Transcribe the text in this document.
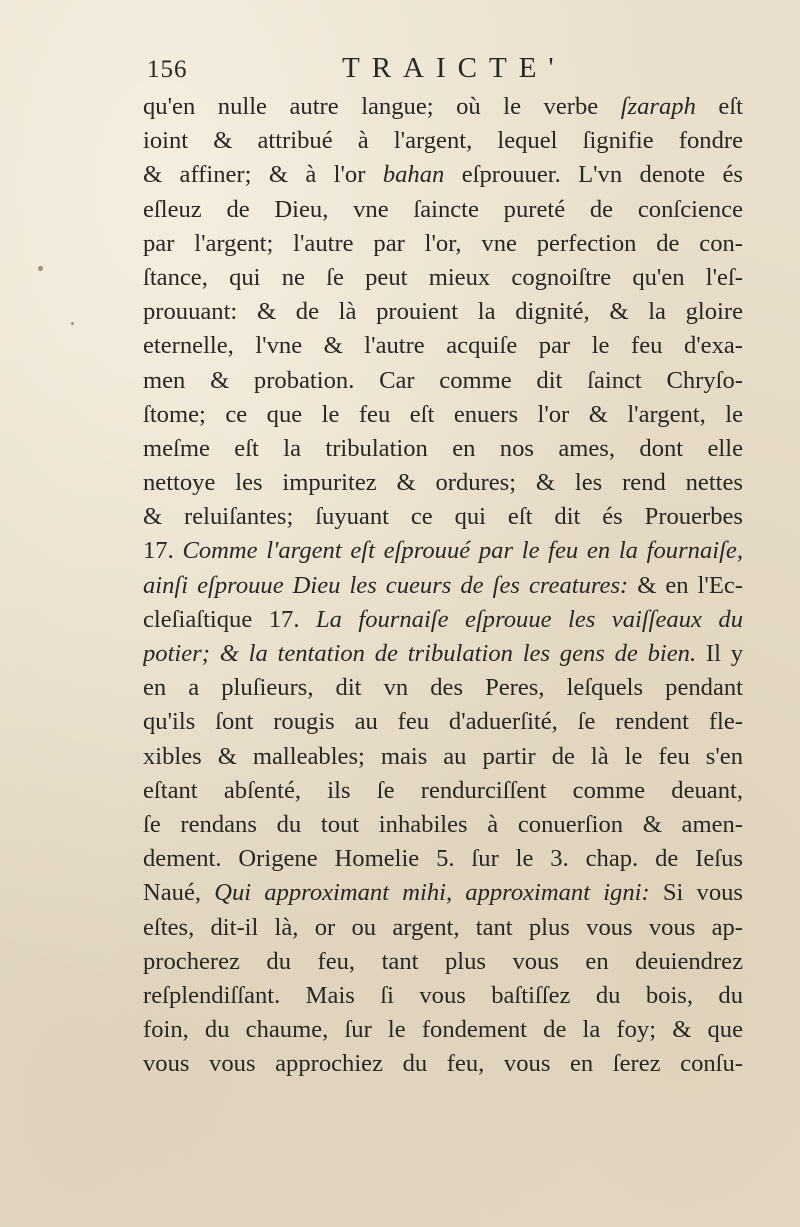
156	TRAICTE'
qu'en nulle autre langue; où le verbe ſzaraph eſt
ioint & attribué à l'argent, lequel ſignifie fondre
& affiner; & à l'or bahan eſprouuer. L'vn denote és
eſleuz de Dieu, vne ſaincte pureté de conſcience
par l'argent; l'autre par l'or, vne perfection de con-
ſtance, qui ne ſe peut mieux cognoiſtre qu'en l'eſ-
prouuant: & de là prouient la dignité, & la gloire
eternelle, l'vne & l'autre acquiſe par le feu d'exa-
men & probation. Car comme dit ſainct Chryſo-
ſtome; ce que le feu eſt enuers l'or & l'argent, le
meſme eſt la tribulation en nos ames, dont elle
nettoye les impuritez & ordures; & les rend nettes
& reluiſantes; ſuyuant ce qui eſt dit és Prouerbes
17. Comme l'argent eſt eſprouué par le feu en la fournaiſe,
ainſi eſprouue Dieu les cueurs de ſes creatures: & en l'Ec-
cleſiaſtique 17. La fournaiſe eſprouue les vaiſſeaux du
potier; & la tentation de tribulation les gens de bien. Il y
en a pluſieurs, dit vn des Peres, leſquels pendant
qu'ils ſont rougis au feu d'aduerſité, ſe rendent fle-
xibles & malleables; mais au partir de là le feu s'en
eſtant abſenté, ils ſe rendurciſſent comme deuant,
ſe rendans du tout inhabiles à conuerſion & amen-
dement. Origene Homelie 5. ſur le 3. chap. de Ieſus
Naué, Qui approximant mihi, approximant igni: Si vous
eſtes, dit-il là, or ou argent, tant plus vous vous ap-
procherez du feu, tant plus vous en deuiendrez
reſplendiſſant. Mais ſi vous baſtiſſez du bois, du
foin, du chaume, ſur le fondement de la foy; & que
vous vous approchiez du feu, vous en ſerez conſu-
